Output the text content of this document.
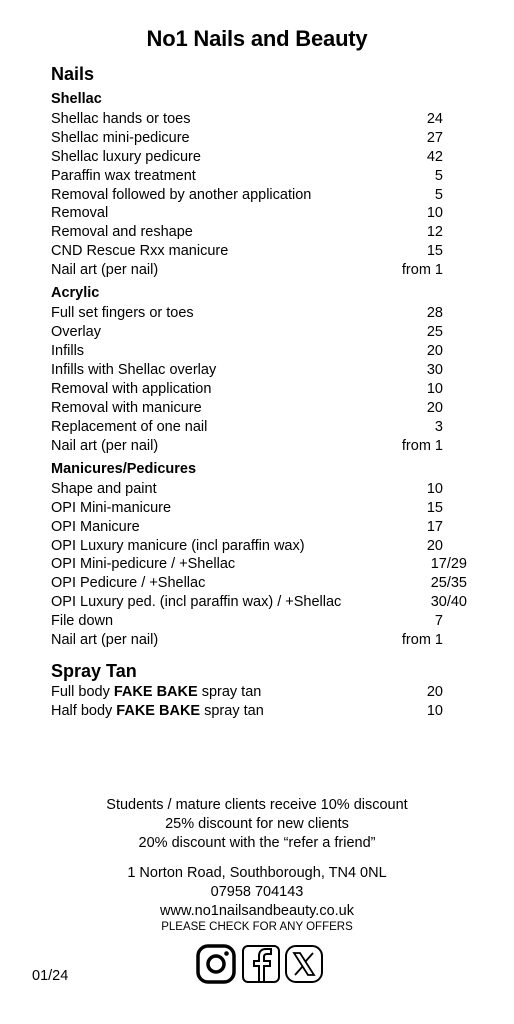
No1 Nails and Beauty
Nails
Shellac
Shellac hands or toes	24
Shellac mini-pedicure	27
Shellac luxury pedicure	42
Paraffin wax treatment	5
Removal followed by another application	5
Removal	10
Removal and reshape	12
CND Rescue Rxx manicure	15
Nail art (per nail)	from 1
Acrylic
Full set fingers or toes	28
Overlay	25
Infills	20
Infills with Shellac overlay	30
Removal with application	10
Removal with manicure	20
Replacement of one nail	3
Nail art (per nail)	from 1
Manicures/Pedicures
Shape and paint	10
OPI Mini-manicure	15
OPI Manicure	17
OPI Luxury manicure (incl paraffin wax)	20
OPI Mini-pedicure / +Shellac	17/29
OPI Pedicure / +Shellac	25/35
OPI Luxury ped. (incl paraffin wax) / +Shellac	30/40
File down	7
Nail art (per nail)	from 1
Spray Tan
Full body FAKE BAKE spray tan	20
Half body FAKE BAKE spray tan	10
Students / mature clients receive 10% discount
25% discount for new clients
20% discount with the “refer a friend”
1 Norton Road, Southborough, TN4 0NL
07958 704143
www.no1nailsandbeauty.co.uk
PLEASE CHECK FOR ANY OFFERS
01/24
